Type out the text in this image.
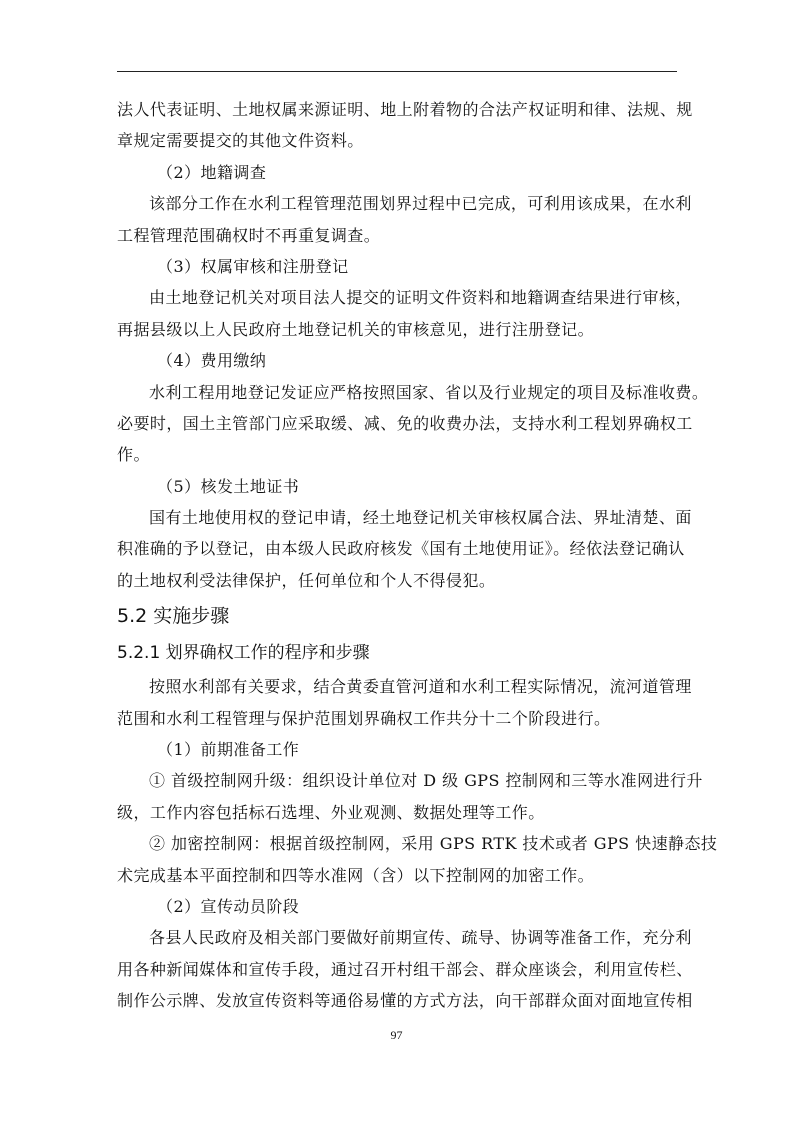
法人代表证明、土地权属来源证明、地上附着物的合法产权证明和律、法规、规
章规定需要提交的其他文件资料。
（2）地籍调查
该部分工作在水利工程管理范围划界过程中已完成，可利用该成果，在水利
工程管理范围确权时不再重复调查。
（3）权属审核和注册登记
由土地登记机关对项目法人提交的证明文件资料和地籍调查结果进行审核，
再据县级以上人民政府土地登记机关的审核意见，进行注册登记。
（4）费用缴纳
水利工程用地登记发证应严格按照国家、省以及行业规定的项目及标准收费。
必要时，国土主管部门应采取缓、减、免的收费办法，支持水利工程划界确权工
作。
（5）核发土地证书
国有土地使用权的登记申请，经土地登记机关审核权属合法、界址清楚、面
积准确的予以登记，由本级人民政府核发《国有土地使用证》。经依法登记确认
的土地权利受法律保护，任何单位和个人不得侵犯。
5.2 实施步骤
5.2.1 划界确权工作的程序和步骤
按照水利部有关要求，结合黄委直管河道和水利工程实际情况，流河道管理
范围和水利工程管理与保护范围划界确权工作共分十二个阶段进行。
（1）前期准备工作
① 首级控制网升级：组织设计单位对 D 级 GPS 控制网和三等水准网进行升
级，工作内容包括标石选埋、外业观测、数据处理等工作。
② 加密控制网：根据首级控制网，采用 GPS RTK 技术或者 GPS 快速静态技
术完成基本平面控制和四等水准网（含）以下控制网的加密工作。
（2）宣传动员阶段
各县人民政府及相关部门要做好前期宣传、疏导、协调等准备工作，充分利
用各种新闻媒体和宣传手段，通过召开村组干部会、群众座谈会，利用宣传栏、
制作公示牌、发放宣传资料等通俗易懂的方式方法，向干部群众面对面地宣传相
97
